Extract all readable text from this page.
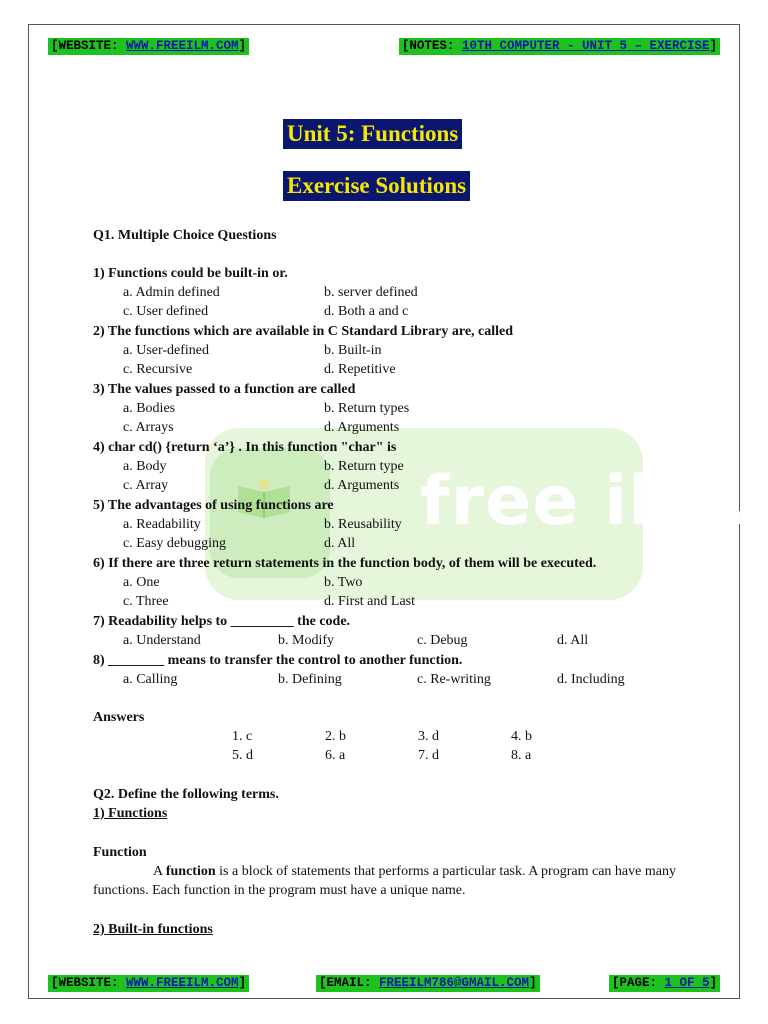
[WEBSITE: WWW.FREEILM.COM]	[NOTES: 10TH COMPUTER - UNIT 5 – EXERCISE]
free ilm.
Unit 5: Functions
Exercise Solutions
Q1. Multiple Choice Questions
1) Functions could be built-in or.
a. Admin defined	b. server defined
c. User defined	d. Both a and c
2) The functions which are available in C Standard Library are, called
a. User-defined	b. Built-in
c. Recursive	d. Repetitive
3) The values passed to a function are called
a. Bodies	b. Return types
c. Arrays	d. Arguments
4) char cd() {return ‘a’} . In this function "char" is
a. Body	b. Return type
c. Array	d. Arguments
5) The advantages of using functions are
a. Readability	b. Reusability
c. Easy debugging	d. All
6) If there are three return statements in the function body, of them will be executed.
a. One	b. Two
c. Three	d. First and Last
7) Readability helps to _________ the code.
a. Understand	b. Modify	c. Debug	d. All
8) ________ means to transfer the control to another function.
a. Calling	b. Defining	c. Re-writing	d. Including
Answers
1. c	2. b	3. d	4. b
5. d	6. a	7. d	8. a
Q2. Define the following terms.
1) Functions
Function
A function is a block of statements that performs a particular task. A program can have many functions. Each function in the program must have a unique name.
2) Built-in functions
[WEBSITE: WWW.FREEILM.COM]	[EMAIL: FREEILM786@GMAIL.COM]	[PAGE: 1 OF 5]
